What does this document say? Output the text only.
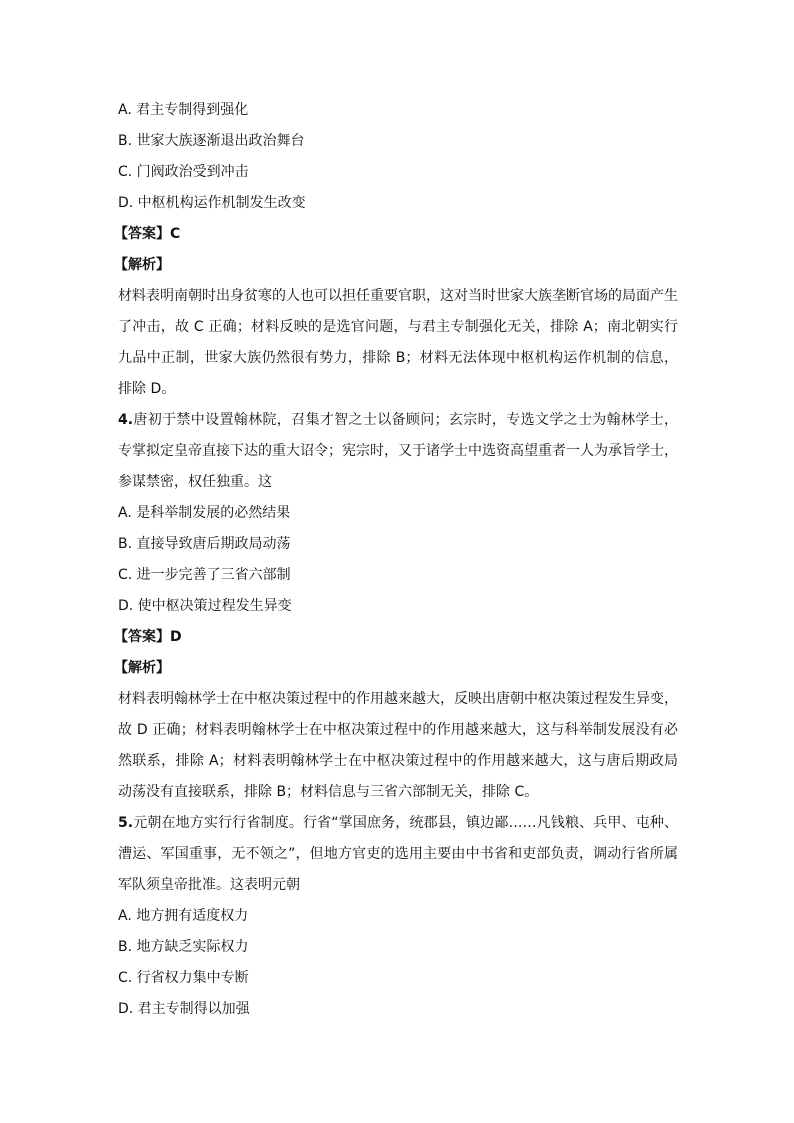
A. 君主专制得到强化
B. 世家大族逐渐退出政治舞台
C. 门阀政治受到冲击
D. 中枢机构运作机制发生改变
【答案】C
【解析】
材料表明南朝时出身贫寒的人也可以担任重要官职，这对当时世家大族垄断官场的局面产生了冲击，故 C 正确；材料反映的是选官问题，与君主专制强化无关，排除 A；南北朝实行九品中正制，世家大族仍然很有势力，排除 B；材料无法体现中枢机构运作机制的信息，排除 D。
4.唐初于禁中设置翰林院，召集才智之士以备顾问；玄宗时，专选文学之士为翰林学士，专掌拟定皇帝直接下达的重大诏令；宪宗时，又于诸学士中选资高望重者一人为承旨学士，参谋禁密，权任独重。这
A. 是科举制发展的必然结果
B. 直接导致唐后期政局动荡
C. 进一步完善了三省六部制
D. 使中枢决策过程发生异变
【答案】D
【解析】
材料表明翰林学士在中枢决策过程中的作用越来越大，反映出唐朝中枢决策过程发生异变，故 D 正确；材料表明翰林学士在中枢决策过程中的作用越来越大，这与科举制发展没有必然联系，排除 A；材料表明翰林学士在中枢决策过程中的作用越来越大，这与唐后期政局动荡没有直接联系，排除 B；材料信息与三省六部制无关，排除 C。
5.元朝在地方实行行省制度。行省“掌国庶务，统郡县，镇边鄙……凡钱粮、兵甲、屯种、漕运、军国重事，无不领之”，但地方官吏的选用主要由中书省和吏部负责，调动行省所属军队须皇帝批准。这表明元朝
A. 地方拥有适度权力
B. 地方缺乏实际权力
C. 行省权力集中专断
D. 君主专制得以加强
